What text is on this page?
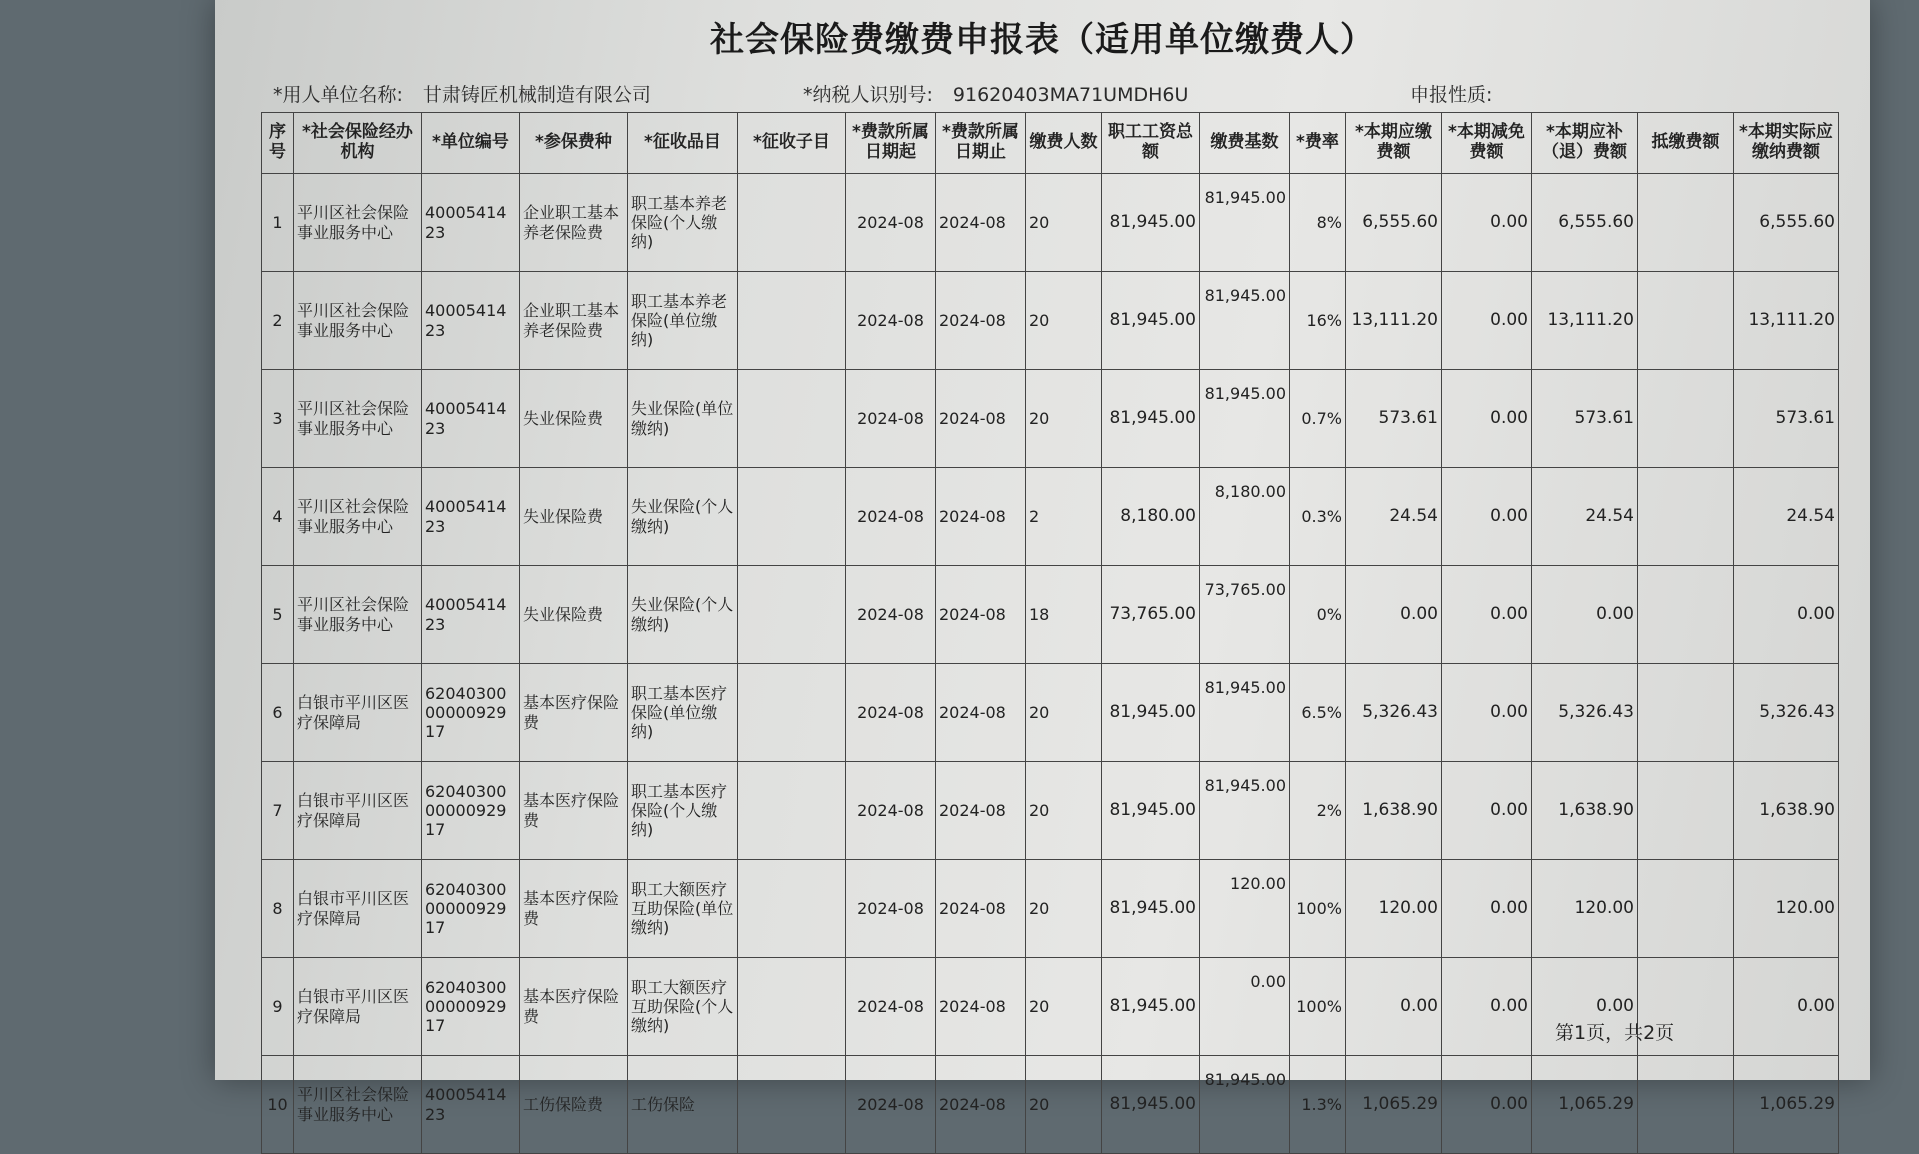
社会保险费缴费申报表（适用单位缴费人）
*用人单位名称: 甘肃铸匠机械制造有限公司	*纳税人识别号: 91620403MA71UMDH6U	申报性质:
序号	*社会保险经办机构	*单位编号	*参保费种	*征收品目	*征收子目	*费款所属日期起	*费款所属日期止	缴费人数	职工工资总额	缴费基数	*费率	*本期应缴费额	*本期减免费额	*本期应补（退）费额	抵缴费额	*本期实际应缴纳费额
1	平川区社会保险事业服务中心	4000541423	企业职工基本养老保险费	职工基本养老保险(个人缴纳)		2024-08	2024-08	20	81,945.00	81,945.00	8%	6,555.60	0.00	6,555.60		6,555.60
2	平川区社会保险事业服务中心	4000541423	企业职工基本养老保险费	职工基本养老保险(单位缴纳)		2024-08	2024-08	20	81,945.00	81,945.00	16%	13,111.20	0.00	13,111.20		13,111.20
3	平川区社会保险事业服务中心	4000541423	失业保险费	失业保险(单位缴纳)		2024-08	2024-08	20	81,945.00	81,945.00	0.7%	573.61	0.00	573.61		573.61
4	平川区社会保险事业服务中心	4000541423	失业保险费	失业保险(个人缴纳)		2024-08	2024-08	2	8,180.00	8,180.00	0.3%	24.54	0.00	24.54		24.54
5	平川区社会保险事业服务中心	4000541423	失业保险费	失业保险(个人缴纳)		2024-08	2024-08	18	73,765.00	73,765.00	0%	0.00	0.00	0.00		0.00
6	白银市平川区医疗保障局	620403000000092917	基本医疗保险费	职工基本医疗保险(单位缴纳)		2024-08	2024-08	20	81,945.00	81,945.00	6.5%	5,326.43	0.00	5,326.43		5,326.43
7	白银市平川区医疗保障局	620403000000092917	基本医疗保险费	职工基本医疗保险(个人缴纳)		2024-08	2024-08	20	81,945.00	81,945.00	2%	1,638.90	0.00	1,638.90		1,638.90
8	白银市平川区医疗保障局	620403000000092917	基本医疗保险费	职工大额医疗互助保险(单位缴纳)		2024-08	2024-08	20	81,945.00	120.00	100%	120.00	0.00	120.00		120.00
9	白银市平川区医疗保障局	620403000000092917	基本医疗保险费	职工大额医疗互助保险(个人缴纳)		2024-08	2024-08	20	81,945.00	0.00	100%	0.00	0.00	0.00		0.00
10	平川区社会保险事业服务中心	4000541423	工伤保险费	工伤保险		2024-08	2024-08	20	81,945.00	81,945.00	1.3%	1,065.29	0.00	1,065.29		1,065.29
第1页，共2页
